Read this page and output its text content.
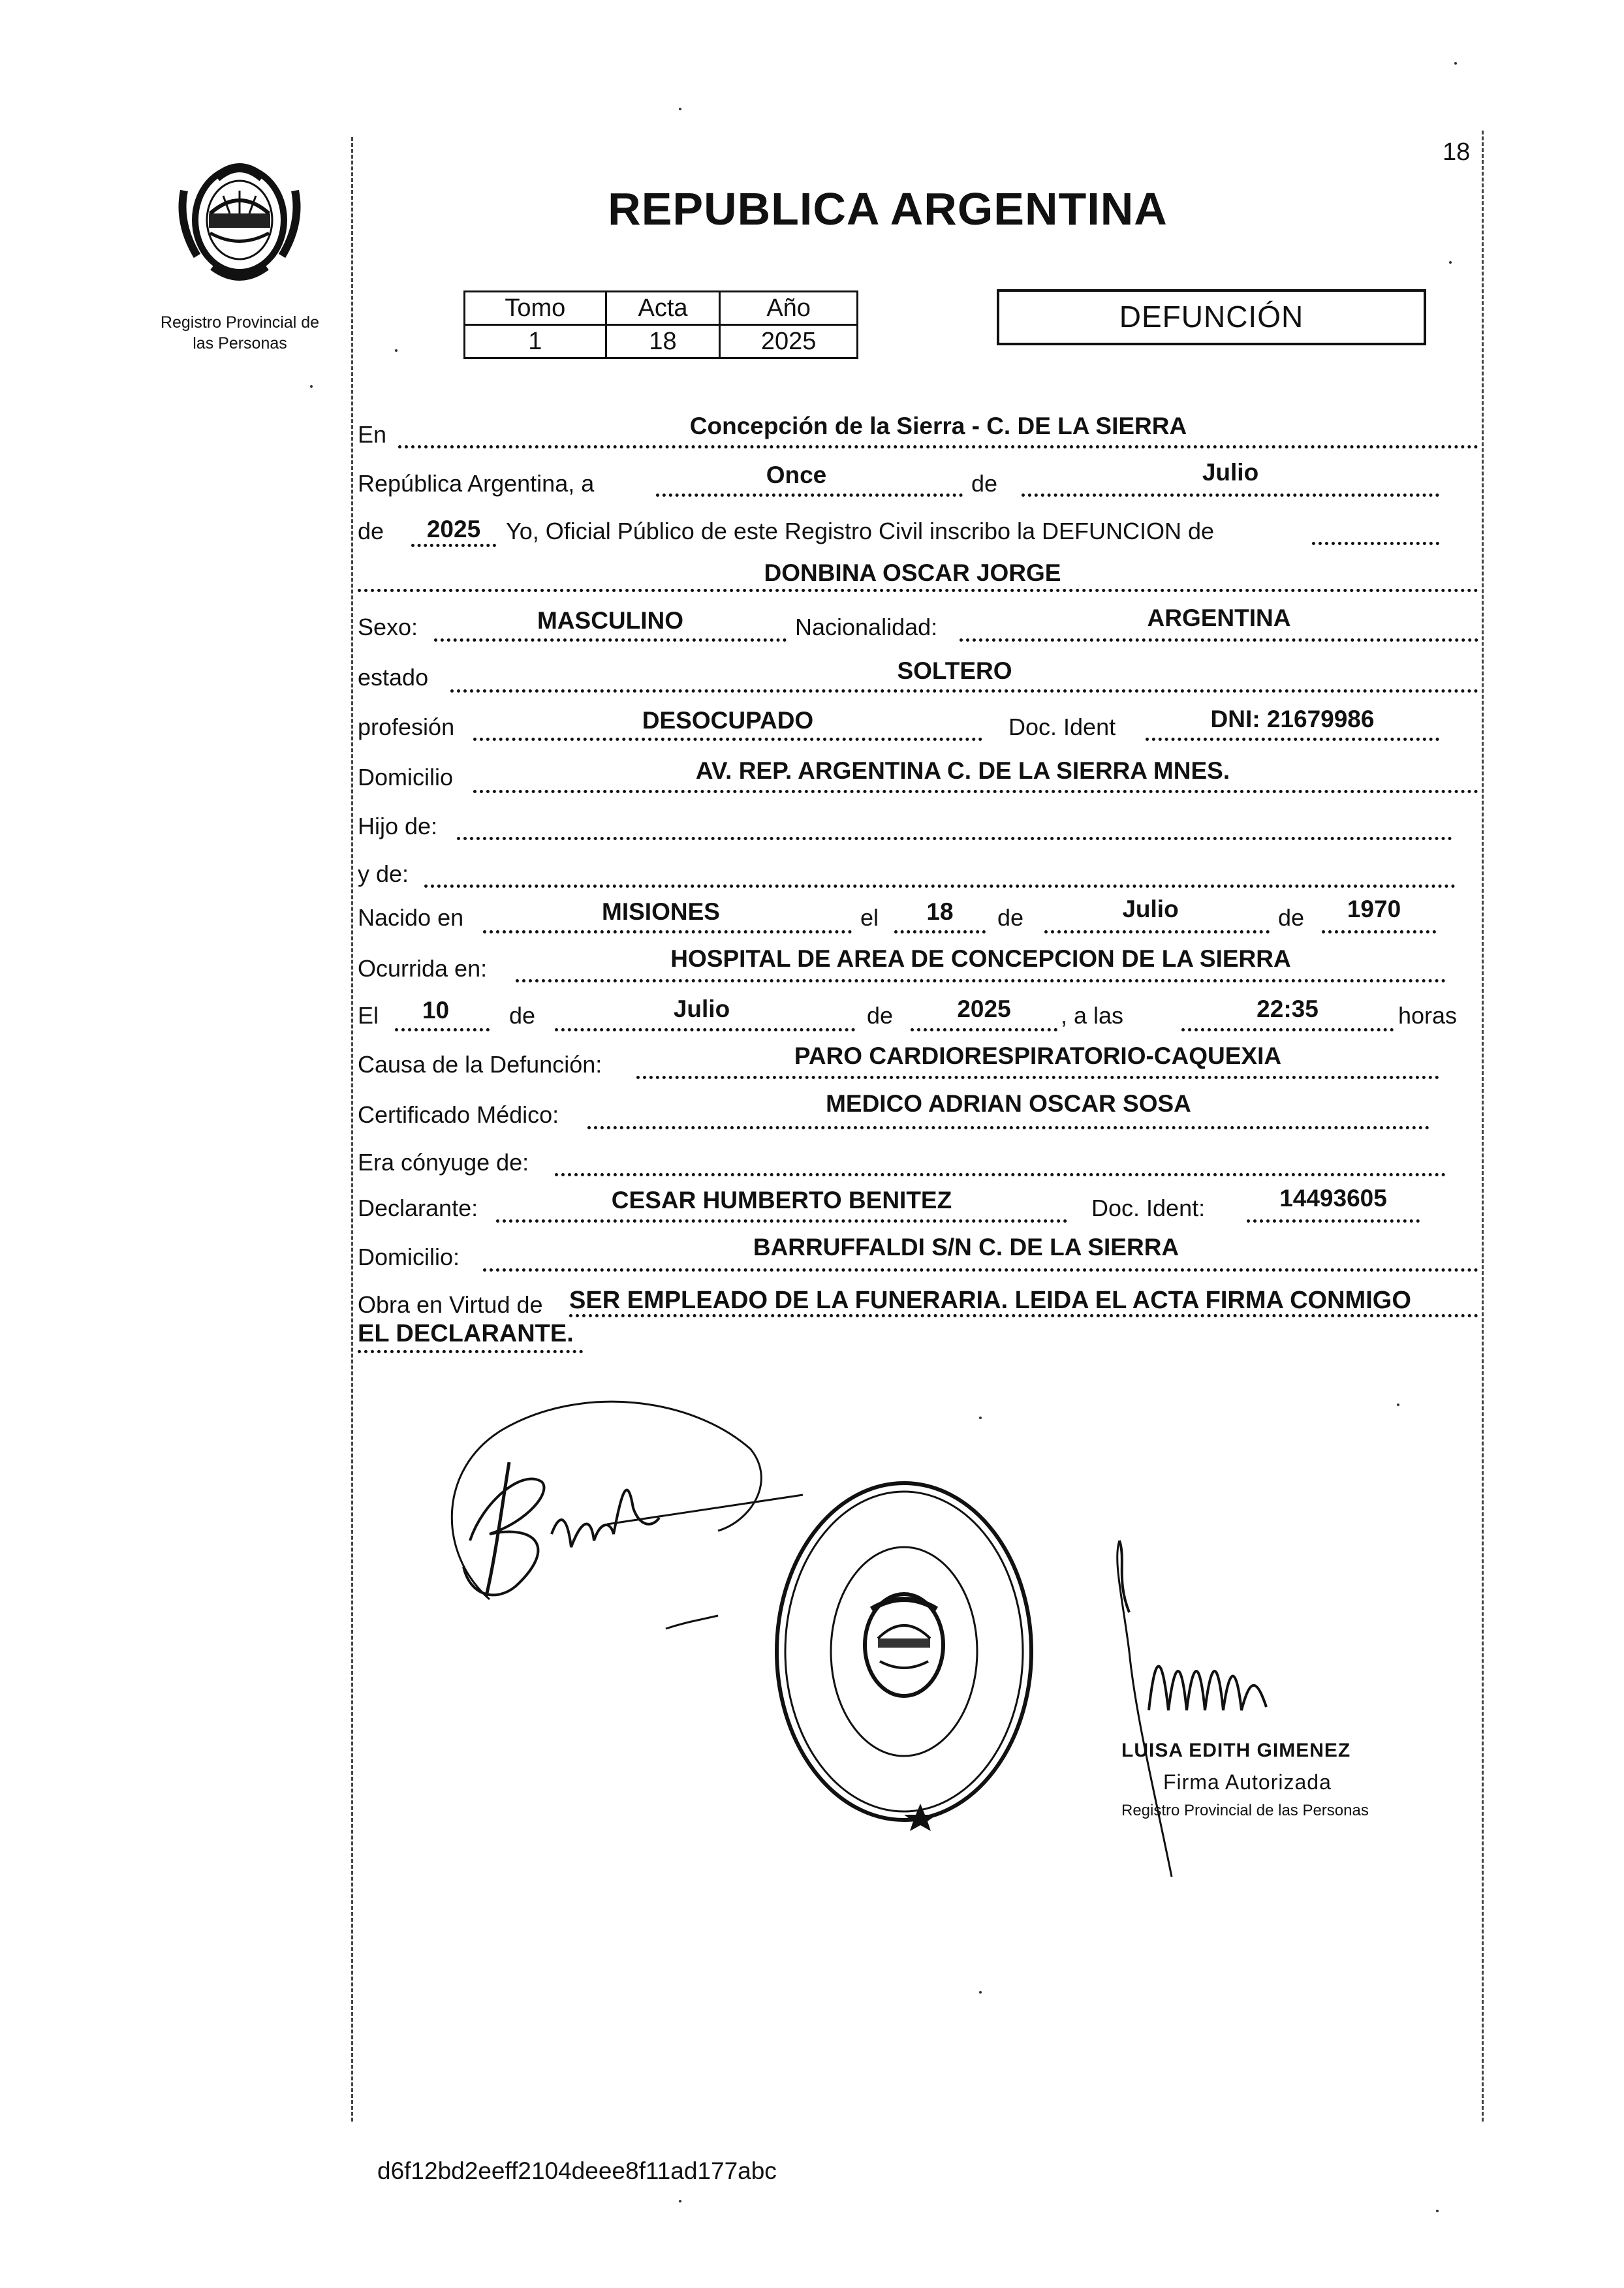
18
Registro Provincial de
las Personas
REPUBLICA ARGENTINA
Tomo	Acta	Año
1	18	2025
DEFUNCIÓN
En	Concepción de la Sierra - C. DE LA SIERRA
República Argentina, a	Once	de	Julio
de	2025	Yo, Oficial Público de este Registro Civil inscribo la DEFUNCION de
DONBINA OSCAR JORGE
Sexo:	MASCULINO	Nacionalidad:	ARGENTINA
estado	SOLTERO
profesión	DESOCUPADO	Doc. Ident	DNI: 21679986
Domicilio	AV. REP. ARGENTINA C. DE LA SIERRA MNES.
Hijo de:
y de:
Nacido en	MISIONES	el	18	de	Julio	de	1970
Ocurrida en:	HOSPITAL DE AREA DE CONCEPCION DE LA SIERRA
El	10	de	Julio	de	2025	, a las	22:35	horas
Causa de la Defunción:	PARO CARDIORESPIRATORIO-CAQUEXIA
Certificado Médico:	MEDICO ADRIAN OSCAR SOSA
Era cónyuge de:
Declarante:	CESAR HUMBERTO BENITEZ	Doc. Ident:	14493605
Domicilio:	BARRUFFALDI S/N C. DE LA SIERRA
Obra en Virtud de SER EMPLEADO DE LA FUNERARIA. LEIDA EL ACTA FIRMA CONMIGO
EL DECLARANTE.
LUISA EDITH GIMENEZ
Firma Autorizada
Registro Provincial de las Personas
d6f12bd2eeff2104deee8f11ad177abc
